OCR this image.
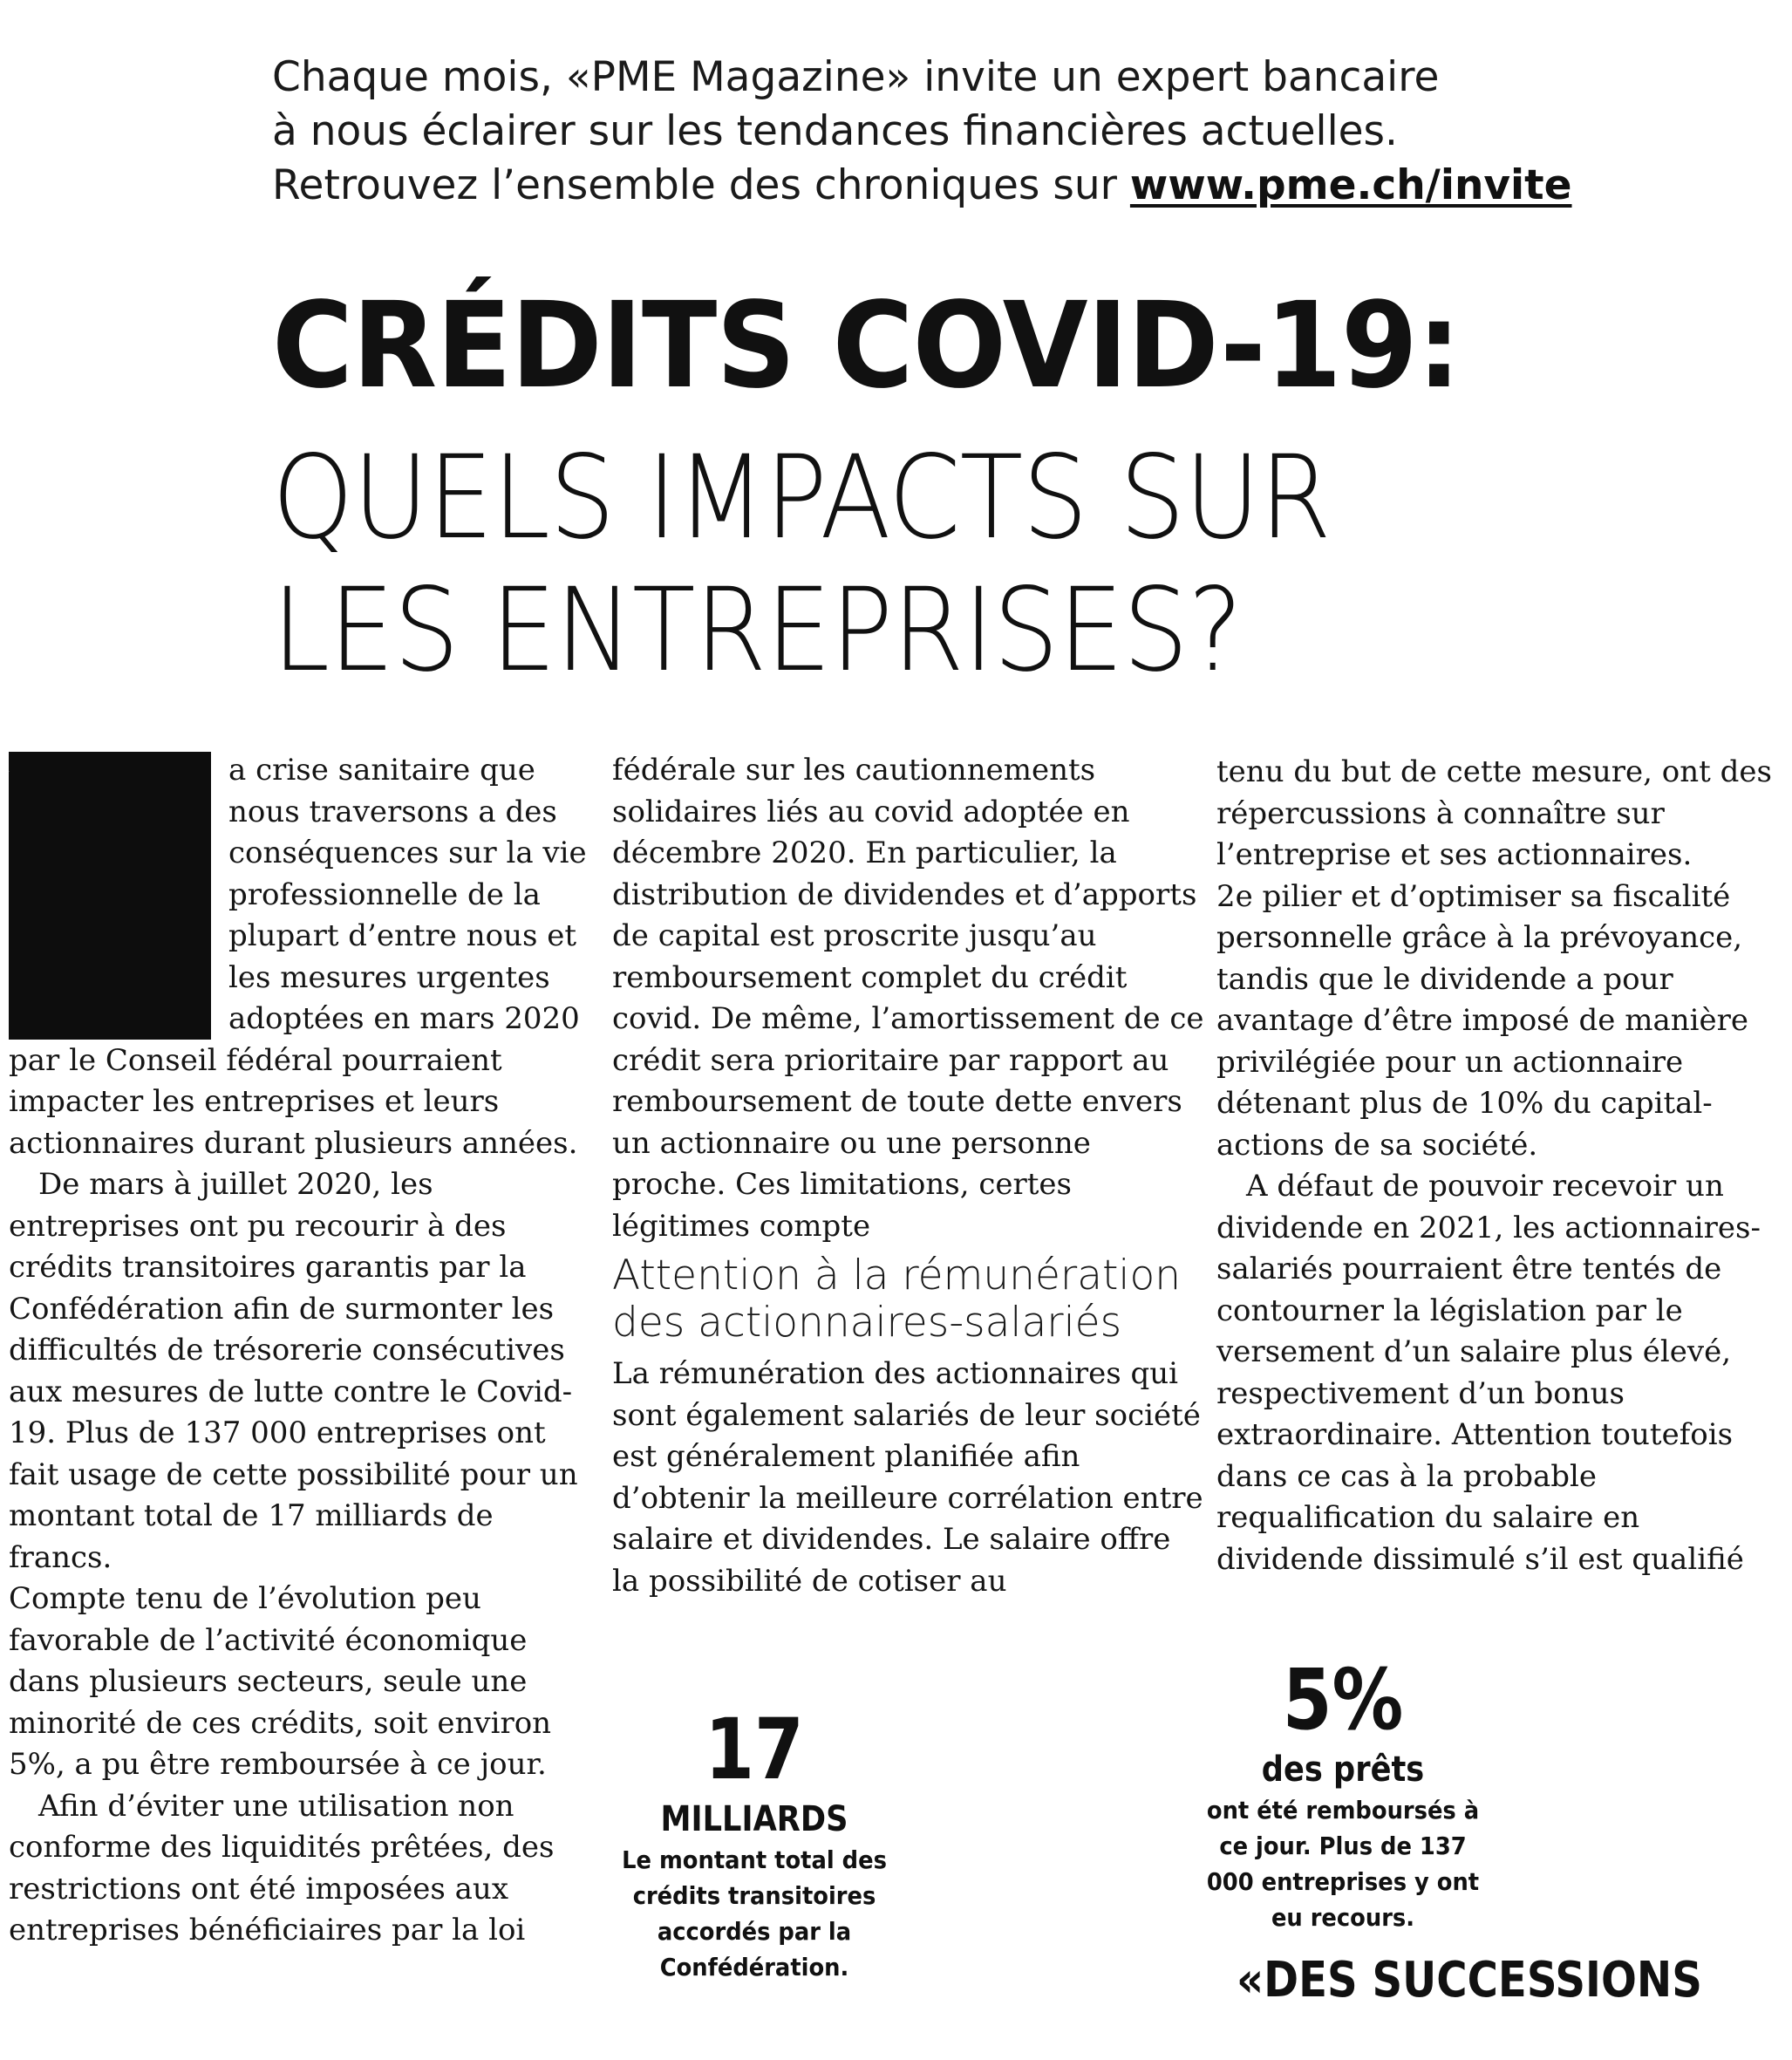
Chaque mois, «PME Magazine» invite un expert bancaire
à nous éclairer sur les tendances financières actuelles.
Retrouvez l’ensemble des chroniques sur www.pme.ch/invite
CRÉDITS COVID-19:
QUELS IMPACTS SUR
LES ENTREPRISES?
L	a crise sanitaire que nous traversons a des conséquences sur la vie professionnelle de la plupart d’entre nous et les mesures urgentes adoptées en mars 2020 par le Conseil fédéral pourraient impacter les entreprises et leurs actionnaires durant plusieurs années.

De mars à juillet 2020, les entreprises ont pu recourir à des crédits transitoires garantis par la Confédération afin de surmonter les difficultés de trésorerie consécutives aux mesures de lutte contre le Covid-19. Plus de 137 000 entreprises ont fait usage de cette possibilité pour un montant total de 17 milliards de francs.

Compte tenu de l’évolution peu favorable de l’activité économique dans plusieurs secteurs, seule une minorité de ces crédits, soit environ 5%, a pu être remboursée à ce jour.

Afin d’éviter une utilisation non conforme des liquidités prêtées, des restrictions ont été imposées aux entreprises bénéficiaires par la loi

fédérale sur les cautionnements solidaires liés au covid adoptée en décembre 2020. En particulier, la distribution de dividendes et d’apports de capital est proscrite jusqu’au remboursement complet du crédit covid. De même, l’amortissement de ce crédit sera prioritaire par rapport au remboursement de toute dette envers un actionnaire ou une personne proche. Ces limitations, certes légitimes compte

Attention à la rémunération des actionnaires-salariés

La rémunération des actionnaires qui sont également salariés de leur société est généralement planifiée afin d’obtenir la meilleure corrélation entre salaire et dividendes. Le salaire offre la possibilité de cotiser au

tenu du but de cette mesure, ont des répercussions à connaître sur l’entreprise et ses actionnaires.

2e pilier et d’optimiser sa fiscalité personnelle grâce à la prévoyance, tandis que le dividende a pour avantage d’être imposé de manière privilégiée pour un actionnaire détenant plus de 10% du capital-actions de sa société.

A défaut de pouvoir recevoir un dividende en 2021, les actionnaires-salariés pourraient être tentés de contourner la législation par le versement d’un salaire plus élevé, respectivement d’un bonus extraordinaire. Attention toutefois dans ce cas à la probable requalification du salaire en dividende dissimulé s’il est qualifié

17
MILLIARDS
Le montant total des crédits transitoires accordés par la Confédération.
5%
des prêts
ont été remboursés à ce jour. Plus de 137 000 entreprises y ont eu recours.
«DES SUCCESSIONS
